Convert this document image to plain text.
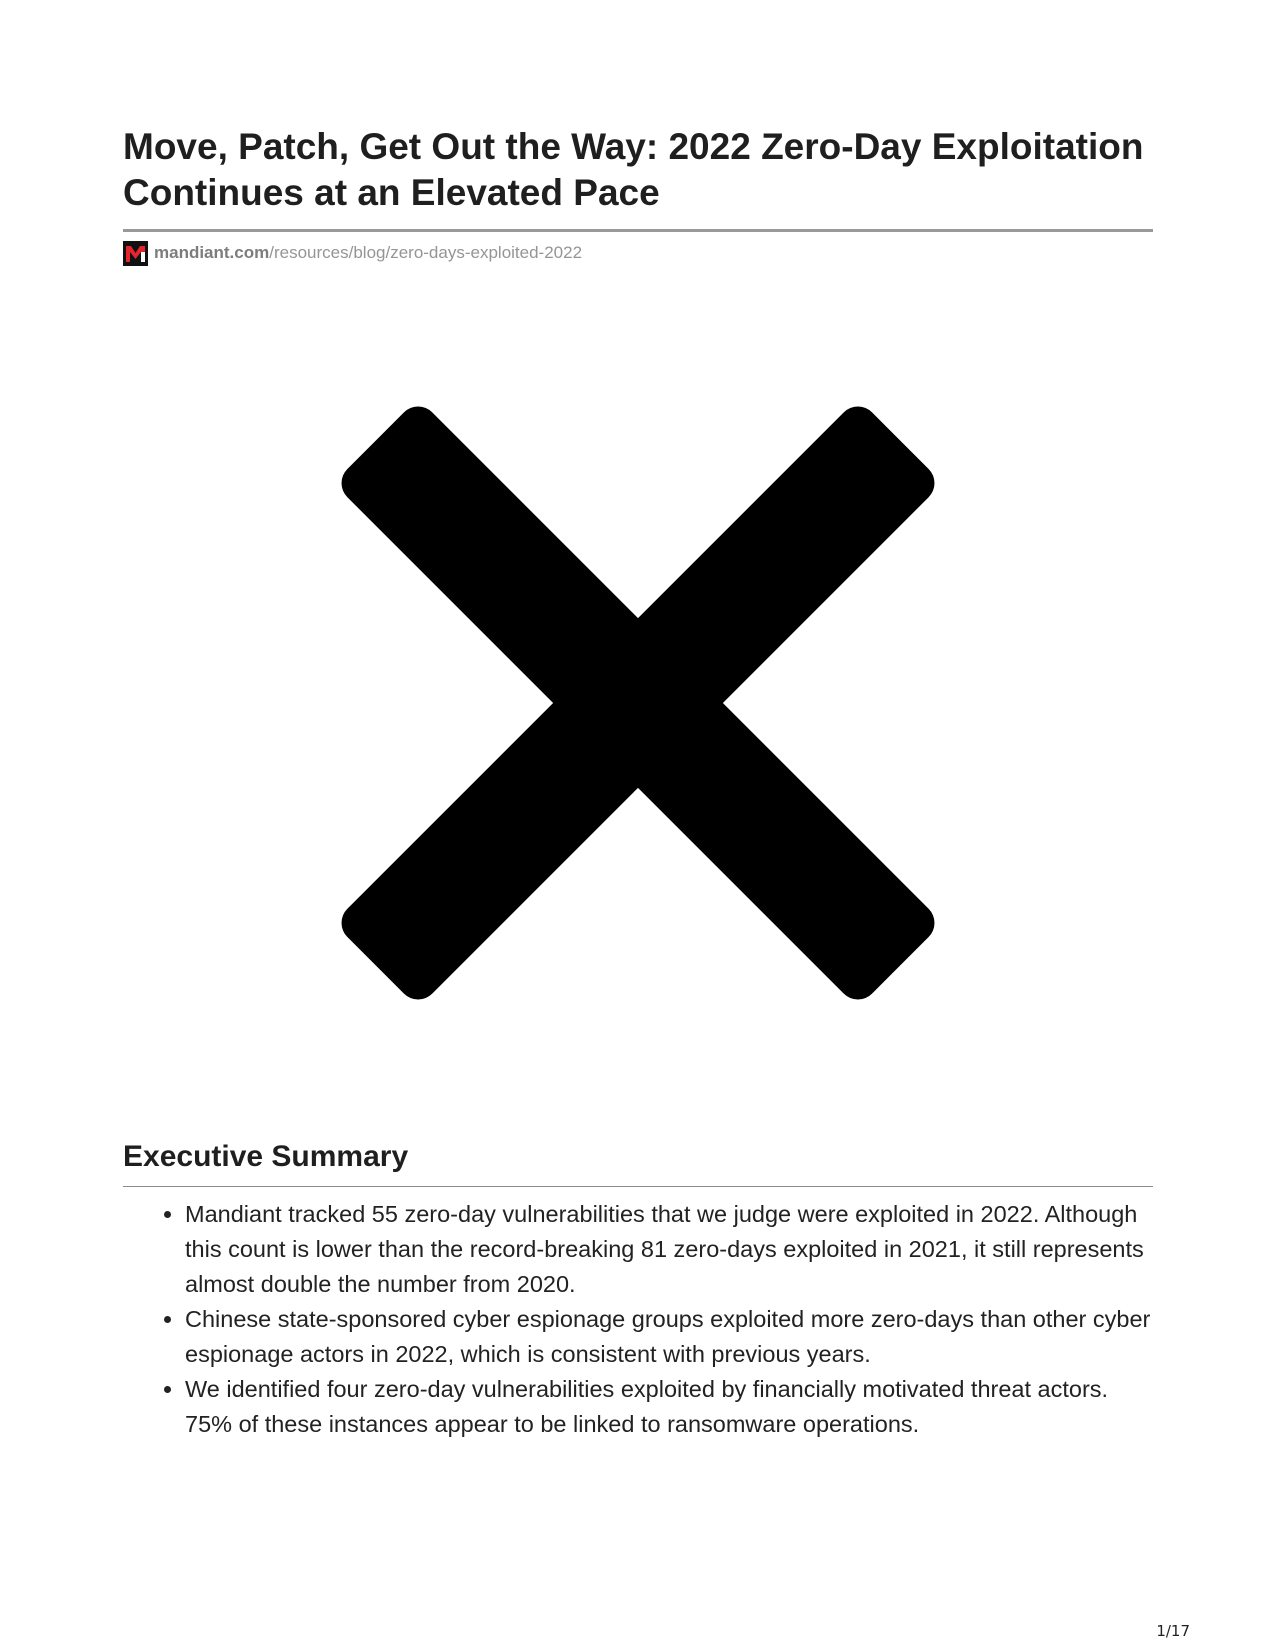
Move, Patch, Get Out the Way: 2022 Zero-Day Exploitation Continues at an Elevated Pace
mandiant.com /resources/blog/zero-days-exploited-2022
Executive Summary
• Mandiant tracked 55 zero-day vulnerabilities that we judge were exploited in 2022. Although this count is lower than the record-breaking 81 zero-days exploited in 2021, it still represents almost double the number from 2020.
• Chinese state-sponsored cyber espionage groups exploited more zero-days than other cyber espionage actors in 2022, which is consistent with previous years.
• We identified four zero-day vulnerabilities exploited by financially motivated threat actors. 75% of these instances appear to be linked to ransomware operations.
1/17
